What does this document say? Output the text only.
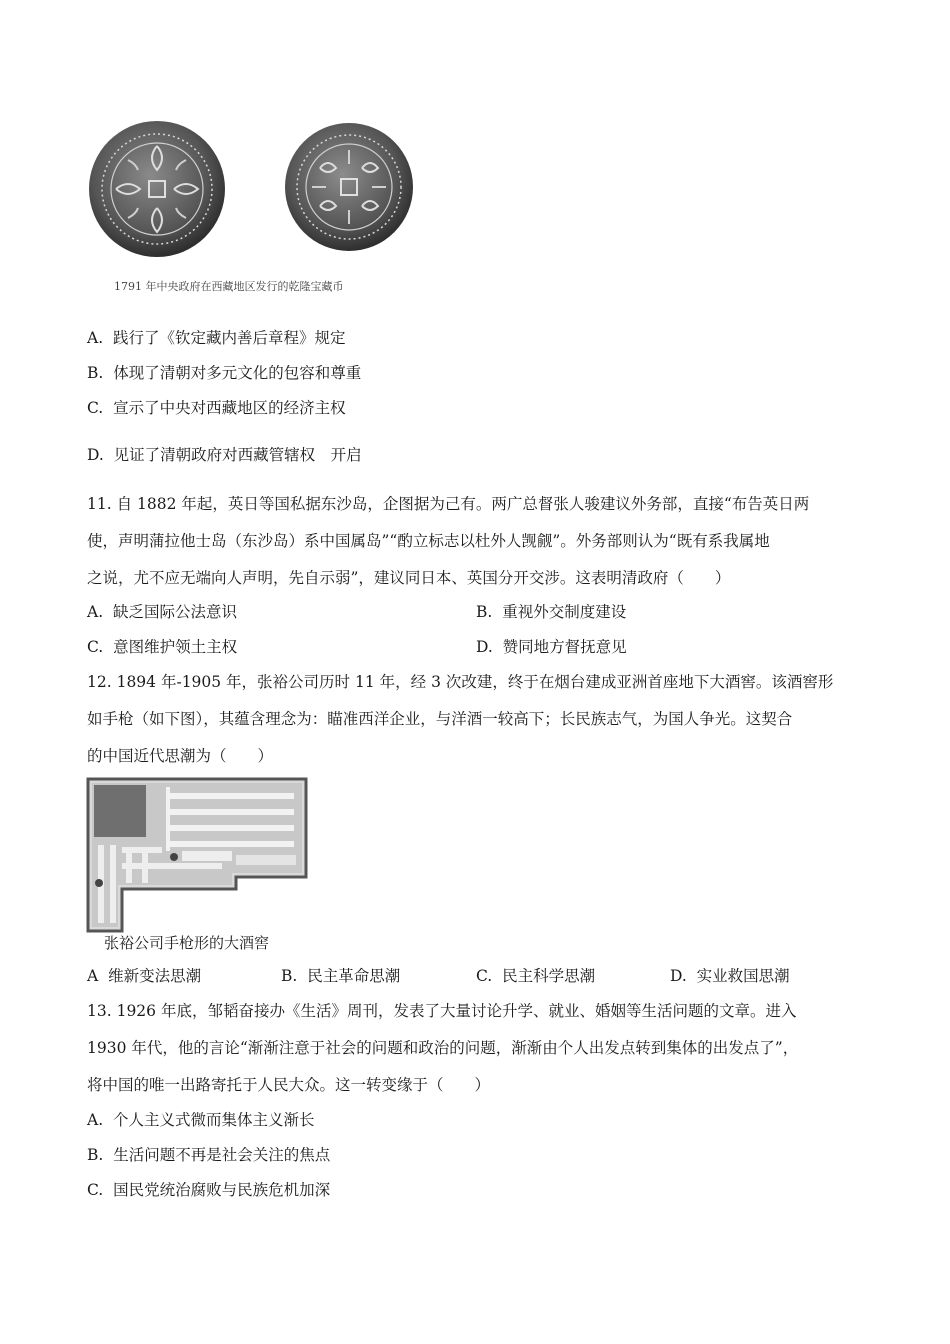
1791 年中央政府在西藏地区发行的乾隆宝藏币
A. 践行了《钦定藏内善后章程》规定
B. 体现了清朝对多元文化的包容和尊重
C. 宣示了中央对西藏地区的经济主权
D. 见证了清朝政府对西藏管辖权　开启
11. 自 1882 年起，英日等国私据东沙岛，企图据为己有。两广总督张人骏建议外务部，直接“布告英日两
使，声明蒲拉他士岛（东沙岛）系中国属岛”“酌立标志以杜外人觊觎”。外务部则认为“既有系我属地
之说，尤不应无端向人声明，先自示弱”，建议同日本、英国分开交涉。这表明清政府（　　）
A. 缺乏国际公法意识	B. 重视外交制度建设
C. 意图维护领土主权	D. 赞同地方督抚意见
12. 1894 年-1905 年，张裕公司历时 11 年，经 3 次改建，终于在烟台建成亚洲首座地下大酒窖。该酒窖形
如手枪（如下图），其蕴含理念为：瞄准西洋企业，与洋酒一较高下；长民族志气，为国人争光。这契合
的中国近代思潮为（　　）
张裕公司手枪形的大酒窖
A 维新变法思潮	B. 民主革命思潮	C. 民主科学思潮	D. 实业救国思潮
13. 1926 年底，邹韬奋接办《生活》周刊，发表了大量讨论升学、就业、婚姻等生活问题的文章。进入
1930 年代，他的言论“渐渐注意于社会的问题和政治的问题，渐渐由个人出发点转到集体的出发点了”，
将中国的唯一出路寄托于人民大众。这一转变缘于（　　）
A. 个人主义式微而集体主义渐长
B. 生活问题不再是社会关注的焦点
C. 国民党统治腐败与民族危机加深
